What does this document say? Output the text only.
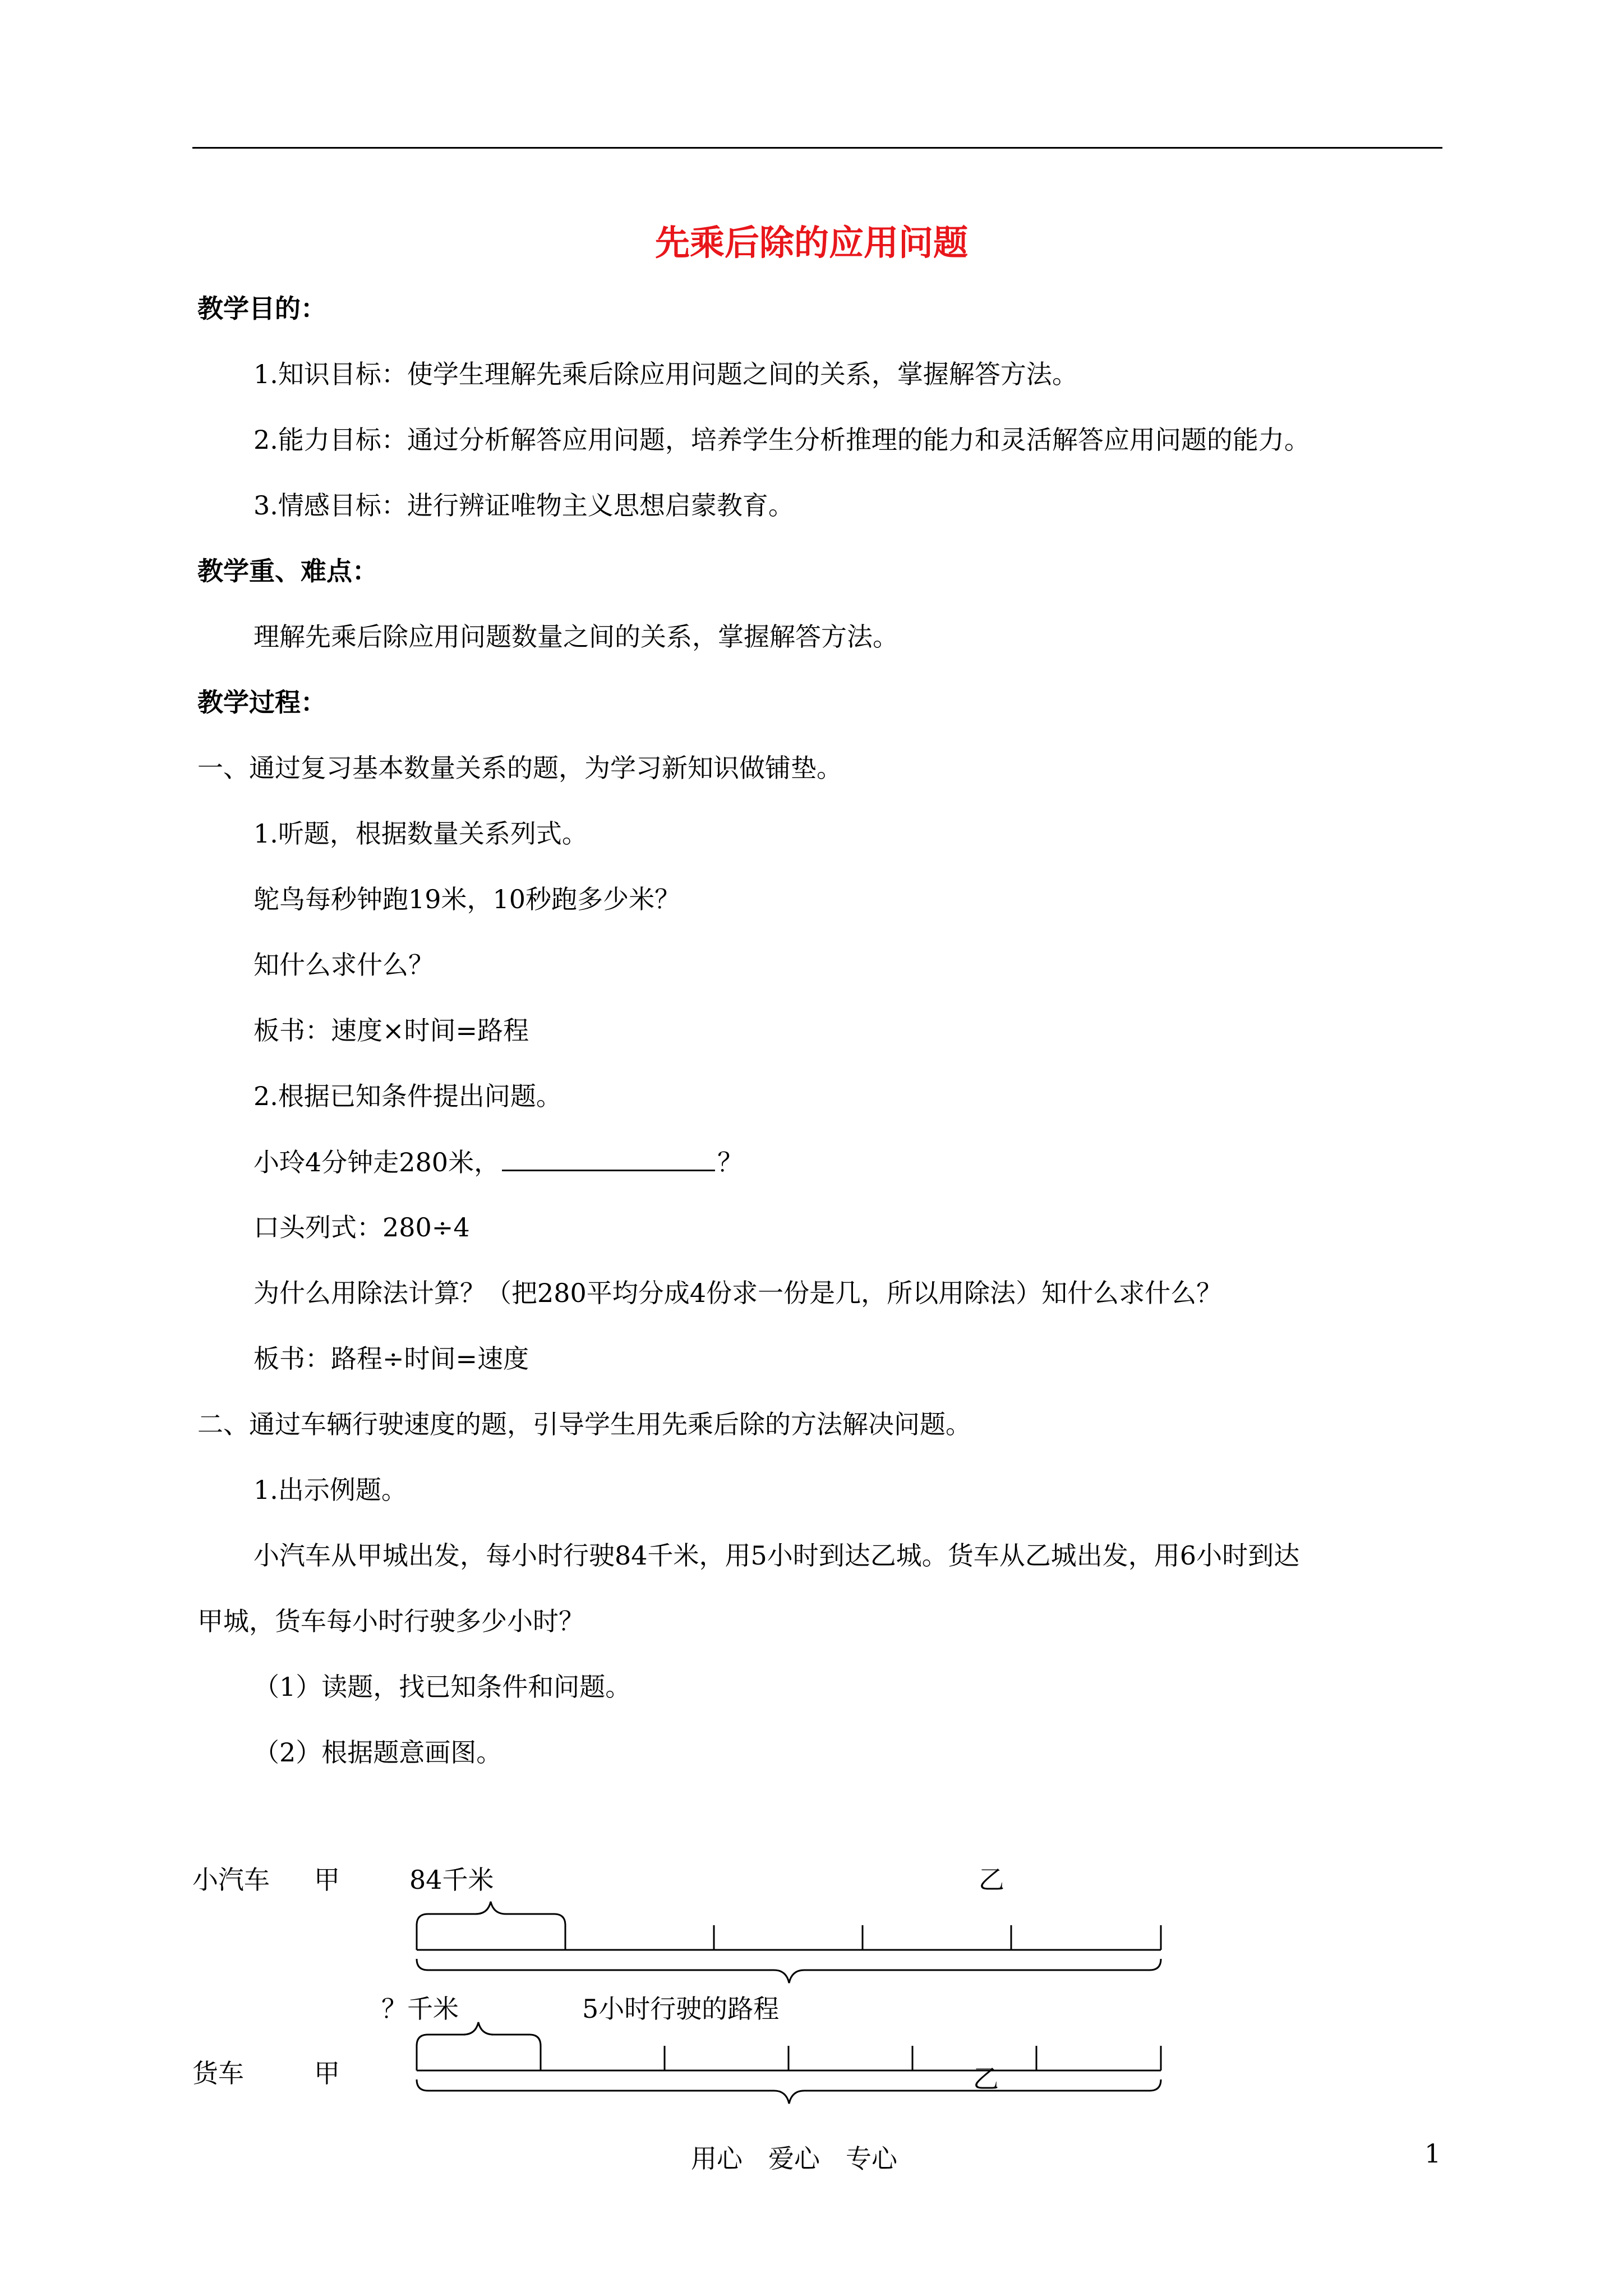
先乘后除的应用问题
教学目的：
1.知识目标：使学生理解先乘后除应用问题之间的关系，掌握解答方法。
2.能力目标：通过分析解答应用问题，培养学生分析推理的能力和灵活解答应用问题的能力。
3.情感目标：进行辨证唯物主义思想启蒙教育。
教学重、难点：
理解先乘后除应用问题数量之间的关系，掌握解答方法。
教学过程：
一、通过复习基本数量关系的题，为学习新知识做铺垫。
1.听题，根据数量关系列式。
鸵鸟每秒钟跑19米，10秒跑多少米？
知什么求什么？
板书：速度×时间=路程
2.根据已知条件提出问题。
小玲4分钟走280米，	？
口头列式：280÷4
为什么用除法计算？（把280平均分成4份求一份是几，所以用除法）知什么求什么？
板书：路程÷时间=速度
二、通过车辆行驶速度的题，引导学生用先乘后除的方法解决问题。
1.出示例题。
小汽车从甲城出发，每小时行驶84千米，用5小时到达乙城。货车从乙城出发，用6小时到达
甲城，货车每小时行驶多少小时？
（1）读题，找已知条件和问题。
（2）根据题意画图。
小汽车 甲	84千米	乙
？千米	5小时行驶的路程
货车	甲	乙
用心　爱心　专心	1
